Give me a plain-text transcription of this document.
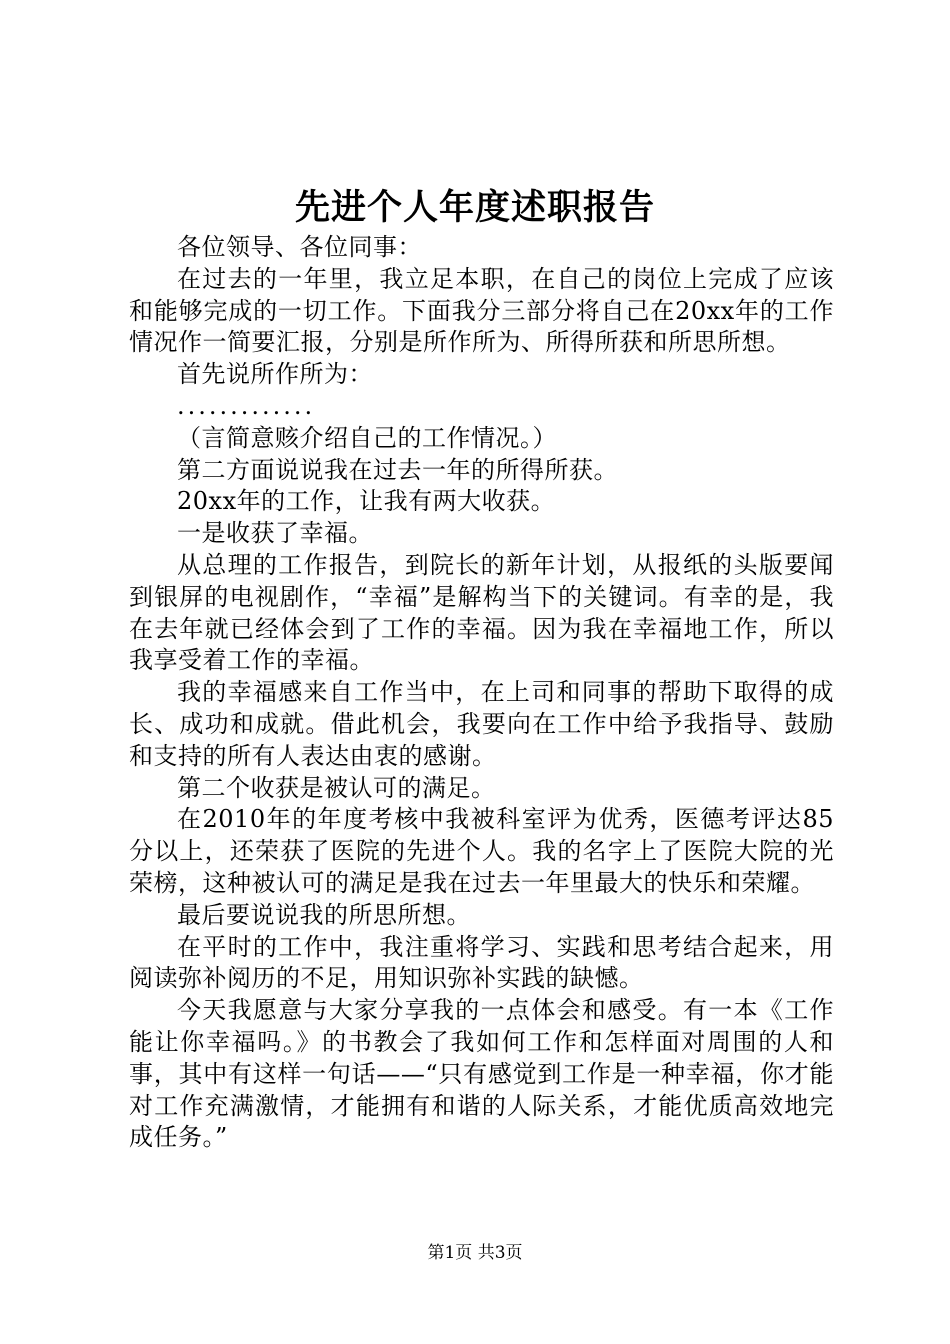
先进个人年度述职报告

各位领导、各位同事：

在过去的一年里，我立足本职，在自己的岗位上完成了应该和能够完成的一切工作。下面我分三部分将自己在20xx年的工作情况作一简要汇报，分别是所作所为、所得所获和所思所想。

首先说所作所为：

.............

（言简意赅介绍自己的工作情况。）

第二方面说说我在过去一年的所得所获。

20xx年的工作，让我有两大收获。

一是收获了幸福。

从总理的工作报告，到院长的新年计划，从报纸的头版要闻到银屏的电视剧作，“幸福”是解构当下的关键词。有幸的是，我在去年就已经体会到了工作的幸福。因为我在幸福地工作，所以我享受着工作的幸福。

我的幸福感来自工作当中，在上司和同事的帮助下取得的成长、成功和成就。借此机会，我要向在工作中给予我指导、鼓励和支持的所有人表达由衷的感谢。

第二个收获是被认可的满足。

在2010年的年度考核中我被科室评为优秀，医德考评达85分以上，还荣获了医院的先进个人。我的名字上了医院大院的光荣榜，这种被认可的满足是我在过去一年里最大的快乐和荣耀。

最后要说说我的所思所想。

在平时的工作中，我注重将学习、实践和思考结合起来，用阅读弥补阅历的不足，用知识弥补实践的缺憾。

今天我愿意与大家分享我的一点体会和感受。有一本《工作能让你幸福吗。》的书教会了我如何工作和怎样面对周围的人和事，其中有这样一句话——“只有感觉到工作是一种幸福，你才能对工作充满激情，才能拥有和谐的人际关系，才能优质高效地完成任务。”

第1页 共3页
